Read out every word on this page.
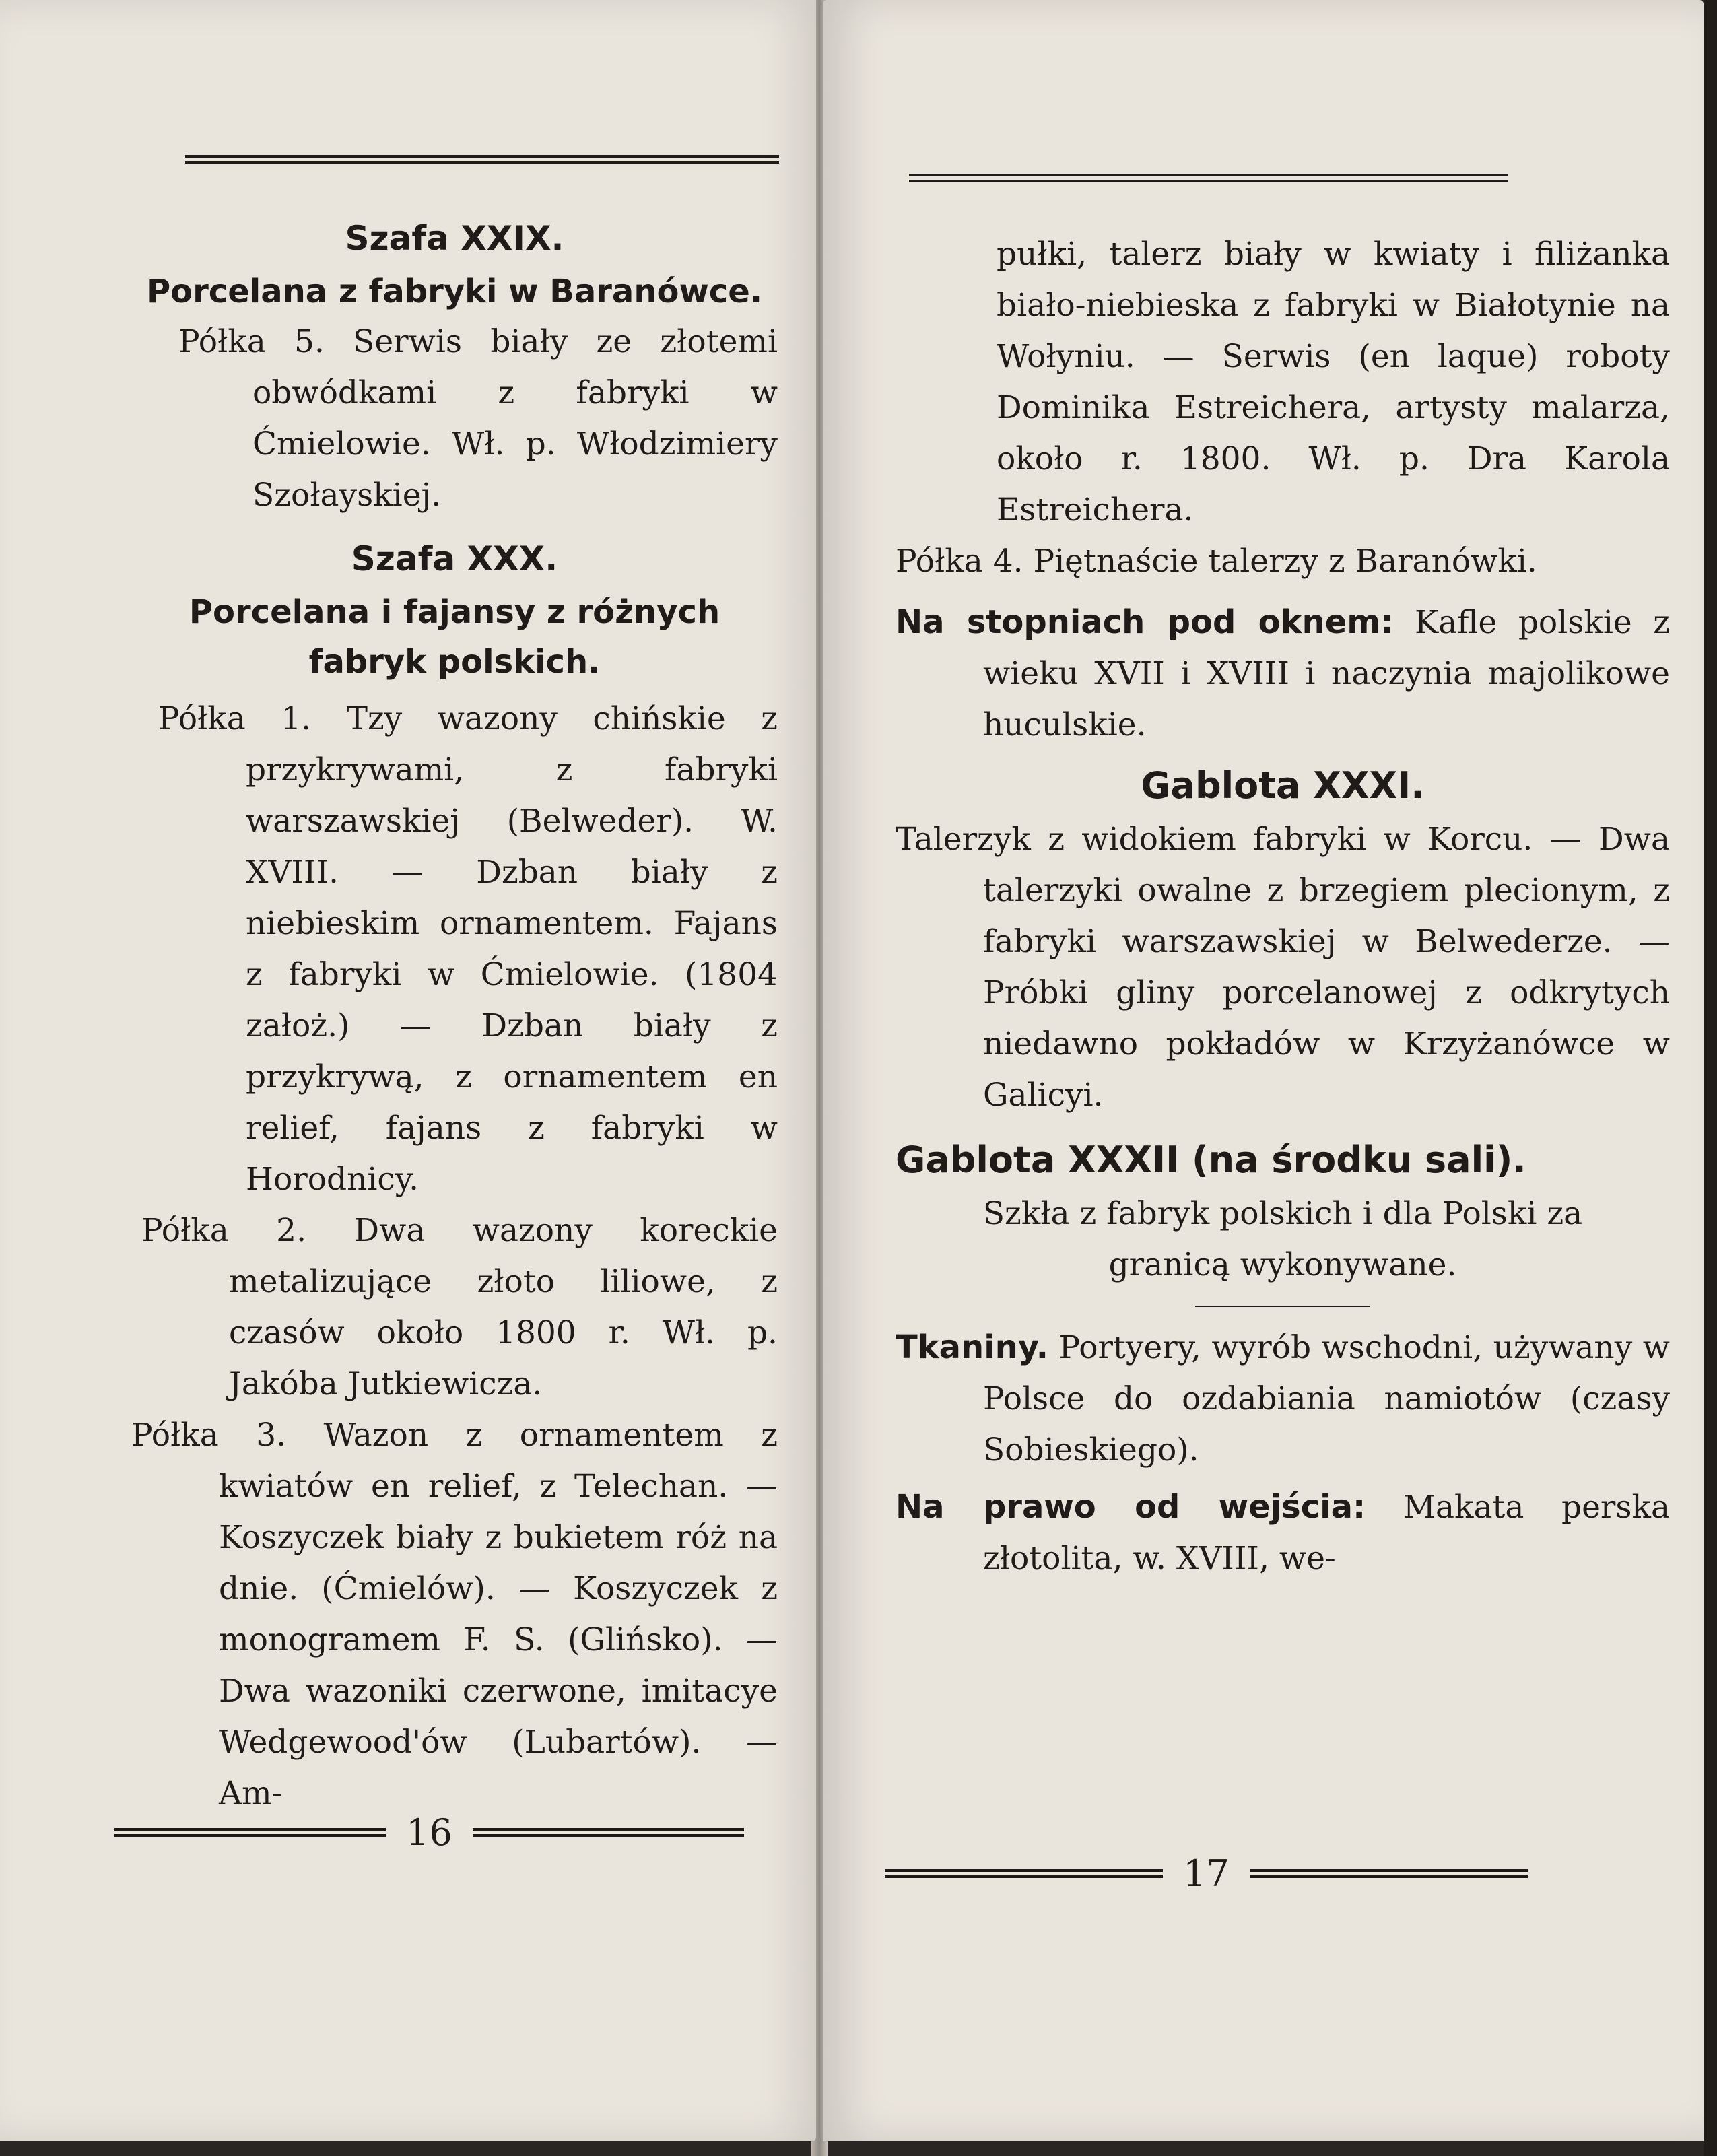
Szafa XXIX.
Porcelana z fabryki w Baranówce.
Półka 5. Serwis biały ze złotemi obwódkami z fabryki w Ćmielowie. Wł. p. Włodzimiery Szołayskiej.
Szafa XXX.
Porcelana i fajansy z różnych fabryk polskich.
Półka 1. Tzy wazony chińskie z przykrywami, z fabryki warszawskiej (Belweder). W. XVIII. — Dzban biały z niebieskim ornamentem. Fajans z fabryki w Ćmielowie. (1804 założ.) — Dzban biały z przykrywą, z ornamentem en relief, fajans z fabryki w Horodnicy.
Półka 2. Dwa wazony koreckie metalizujące złoto liliowe, z czasów około 1800 r. Wł. p. Jakóba Jutkiewicza.
Półka 3. Wazon z ornamentem z kwiatów en relief, z Telechan. — Koszyczek biały z bukietem róż na dnie. (Ćmielów). — Koszyczek z monogramem F. S. (Glińsko). — Dwa wazoniki czerwone, imitacye Wedgewood'ów (Lubartów). — Am-
16
pułki, talerz biały w kwiaty i filiżanka biało-niebieska z fabryki w Białotynie na Wołyniu. — Serwis (en laque) roboty Dominika Estreichera, artysty malarza, około r. 1800. Wł. p. Dra Karola Estreichera.
Półka 4. Piętnaście talerzy z Baranówki.
Na stopniach pod oknem: Kafle polskie z wieku XVII i XVIII i naczynia majolikowe huculskie.
Gablota XXXI.
Talerzyk z widokiem fabryki w Korcu. — Dwa talerzyki owalne z brzegiem plecionym, z fabryki warszawskiej w Belwederze. — Próbki gliny porcelanowej z odkrytych niedawno pokładów w Krzyżanówce w Galicyi.
Gablota XXXII (na środku sali).
Szkła z fabryk polskich i dla Polski za granicą wykonywane.
Tkaniny. Portyery, wyrób wschodni, używany w Polsce do ozdabiania namiotów (czasy Sobieskiego).
Na prawo od wejścia: Makata perska złotolita, w. XVIII, we-
17
